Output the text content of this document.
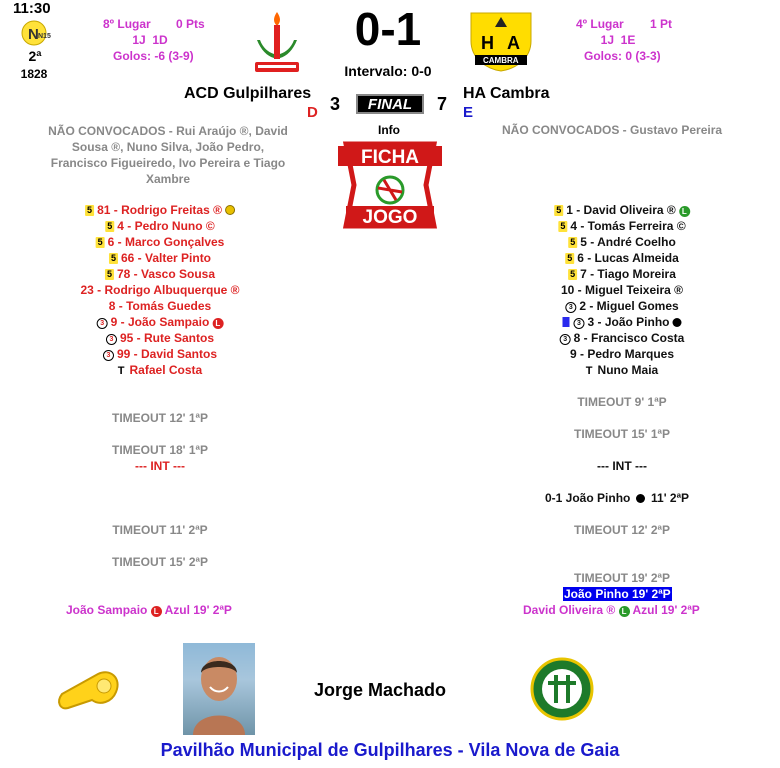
11:30
N N15
2ª
1828
8º Lugar 0 Pts
1J  1D
Golos: -6 (3-9)
0-1
Intervalo: 0-0
H A
CAMBRA
4º Lugar 1 Pt
1J  1E
Golos: 0 (3-3)
ACD Gulpilhares
3	FINAL	7
HA Cambra
D	E
Info
NÃO CONVOCADOS - Rui Araújo ®, David Sousa ®, Nuno Silva, João Pedro, Francisco Figueiredo, Ivo Pereira e Tiago Xambre
NÃO CONVOCADOS - Gustavo Pereira
FICHA
JOGO
5 81 - Rodrigo Freitas ®
5 4 - Pedro Nuno ©
5 6 - Marco Gonçalves
5 66 - Valter Pinto
5 78 - Vasco Sousa
23 - Rodrigo Albuquerque ®
8 - Tomás Guedes
3 9 - João Sampaio L
3 95 - Rute Santos
3 99 - David Santos
T Rafael Costa
5 1 - David Oliveira ® L
5 4 - Tomás Ferreira ©
5 5 - André Coelho
5 6 - Lucas Almeida
5 7 - Tiago Moreira
10 - Miguel Teixeira ®
3 2 - Miguel Gomes
3 3 - João Pinho
3 8 - Francisco Costa
9 - Pedro Marques
T Nuno Maia
TIMEOUT 12' 1ªP
TIMEOUT 18' 1ªP
--- INT ---
TIMEOUT 11' 2ªP
TIMEOUT 15' 2ªP
João Sampaio L Azul 19' 2ªP
TIMEOUT 9' 1ªP
TIMEOUT 15' 1ªP
--- INT ---
0-1 João Pinho 11' 2ªP
TIMEOUT 12' 2ªP
TIMEOUT 19' 2ªP
João Pinho 19' 2ªP
David Oliveira ® L Azul 19' 2ªP
Jorge Machado
Pavilhão Municipal de Gulpilhares - Vila Nova de Gaia
